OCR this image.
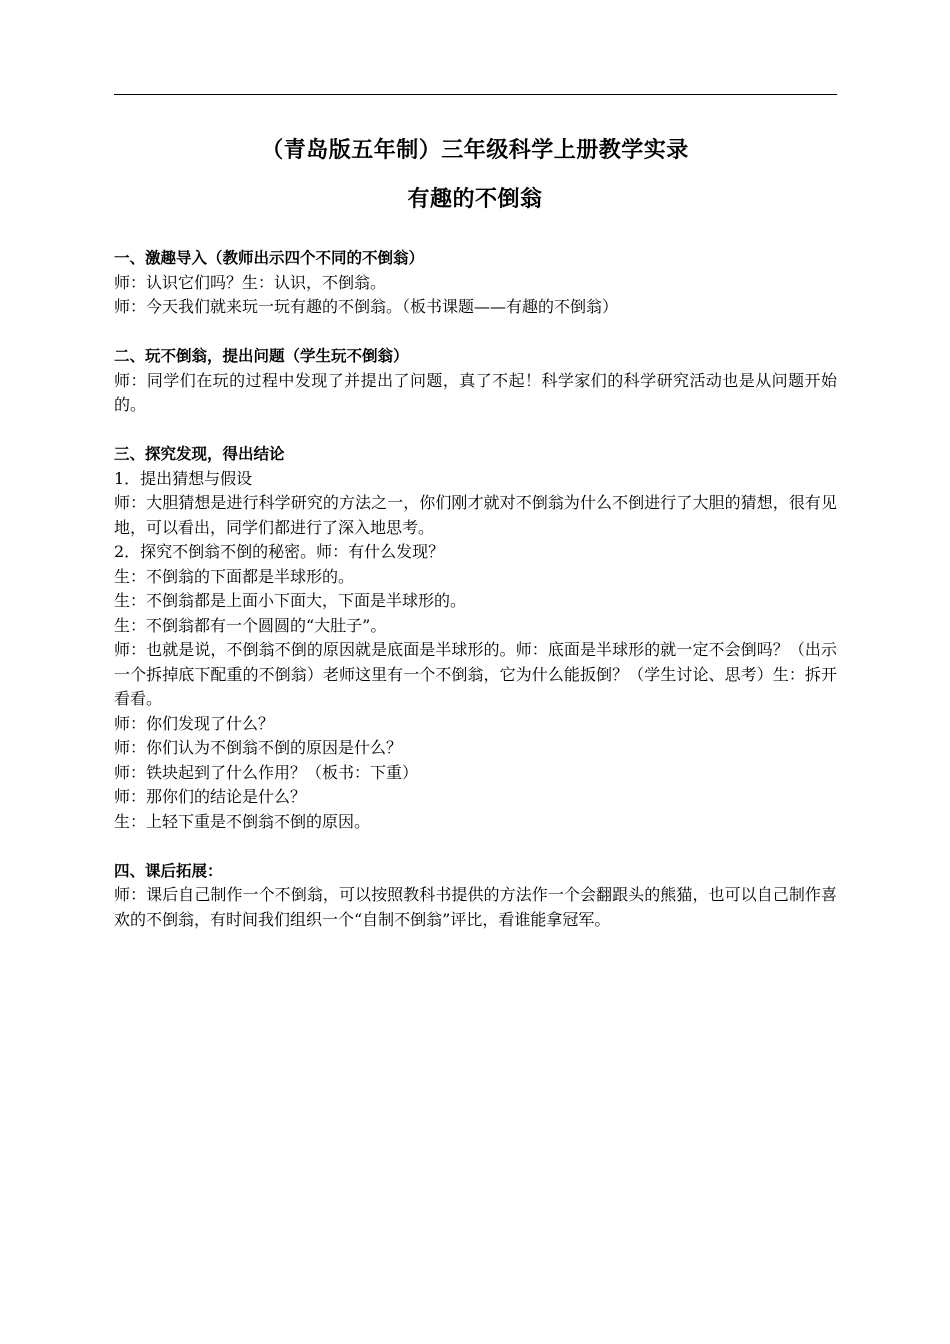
（青岛版五年制）三年级科学上册教学实录
有趣的不倒翁

一、激趣导入（教师出示四个不同的不倒翁）

师：认识它们吗？生：认识，不倒翁。

师：今天我们就来玩一玩有趣的不倒翁。（板书课题——有趣的不倒翁）

二、玩不倒翁，提出问题（学生玩不倒翁）

师：同学们在玩的过程中发现了并提出了问题，真了不起！科学家们的科学研究活动也是从问题开始的。

三、探究发现，得出结论

1．提出猜想与假设

师：大胆猜想是进行科学研究的方法之一，你们刚才就对不倒翁为什么不倒进行了大胆的猜想，很有见地，可以看出，同学们都进行了深入地思考。

2．探究不倒翁不倒的秘密。师：有什么发现？

生：不倒翁的下面都是半球形的。

生：不倒翁都是上面小下面大，下面是半球形的。

生：不倒翁都有一个圆圆的“大肚子”。

师：也就是说，不倒翁不倒的原因就是底面是半球形的。师：底面是半球形的就一定不会倒吗？（出示一个拆掉底下配重的不倒翁）老师这里有一个不倒翁，它为什么能扳倒？（学生讨论、思考）生：拆开看看。

师：你们发现了什么？

师：你们认为不倒翁不倒的原因是什么？

师：铁块起到了什么作用？（板书：下重）

师：那你们的结论是什么？

生：上轻下重是不倒翁不倒的原因。

四、课后拓展：

师：课后自己制作一个不倒翁，可以按照教科书提供的方法作一个会翻跟头的熊猫，也可以自己制作喜欢的不倒翁，有时间我们组织一个“自制不倒翁”评比，看谁能拿冠军。
